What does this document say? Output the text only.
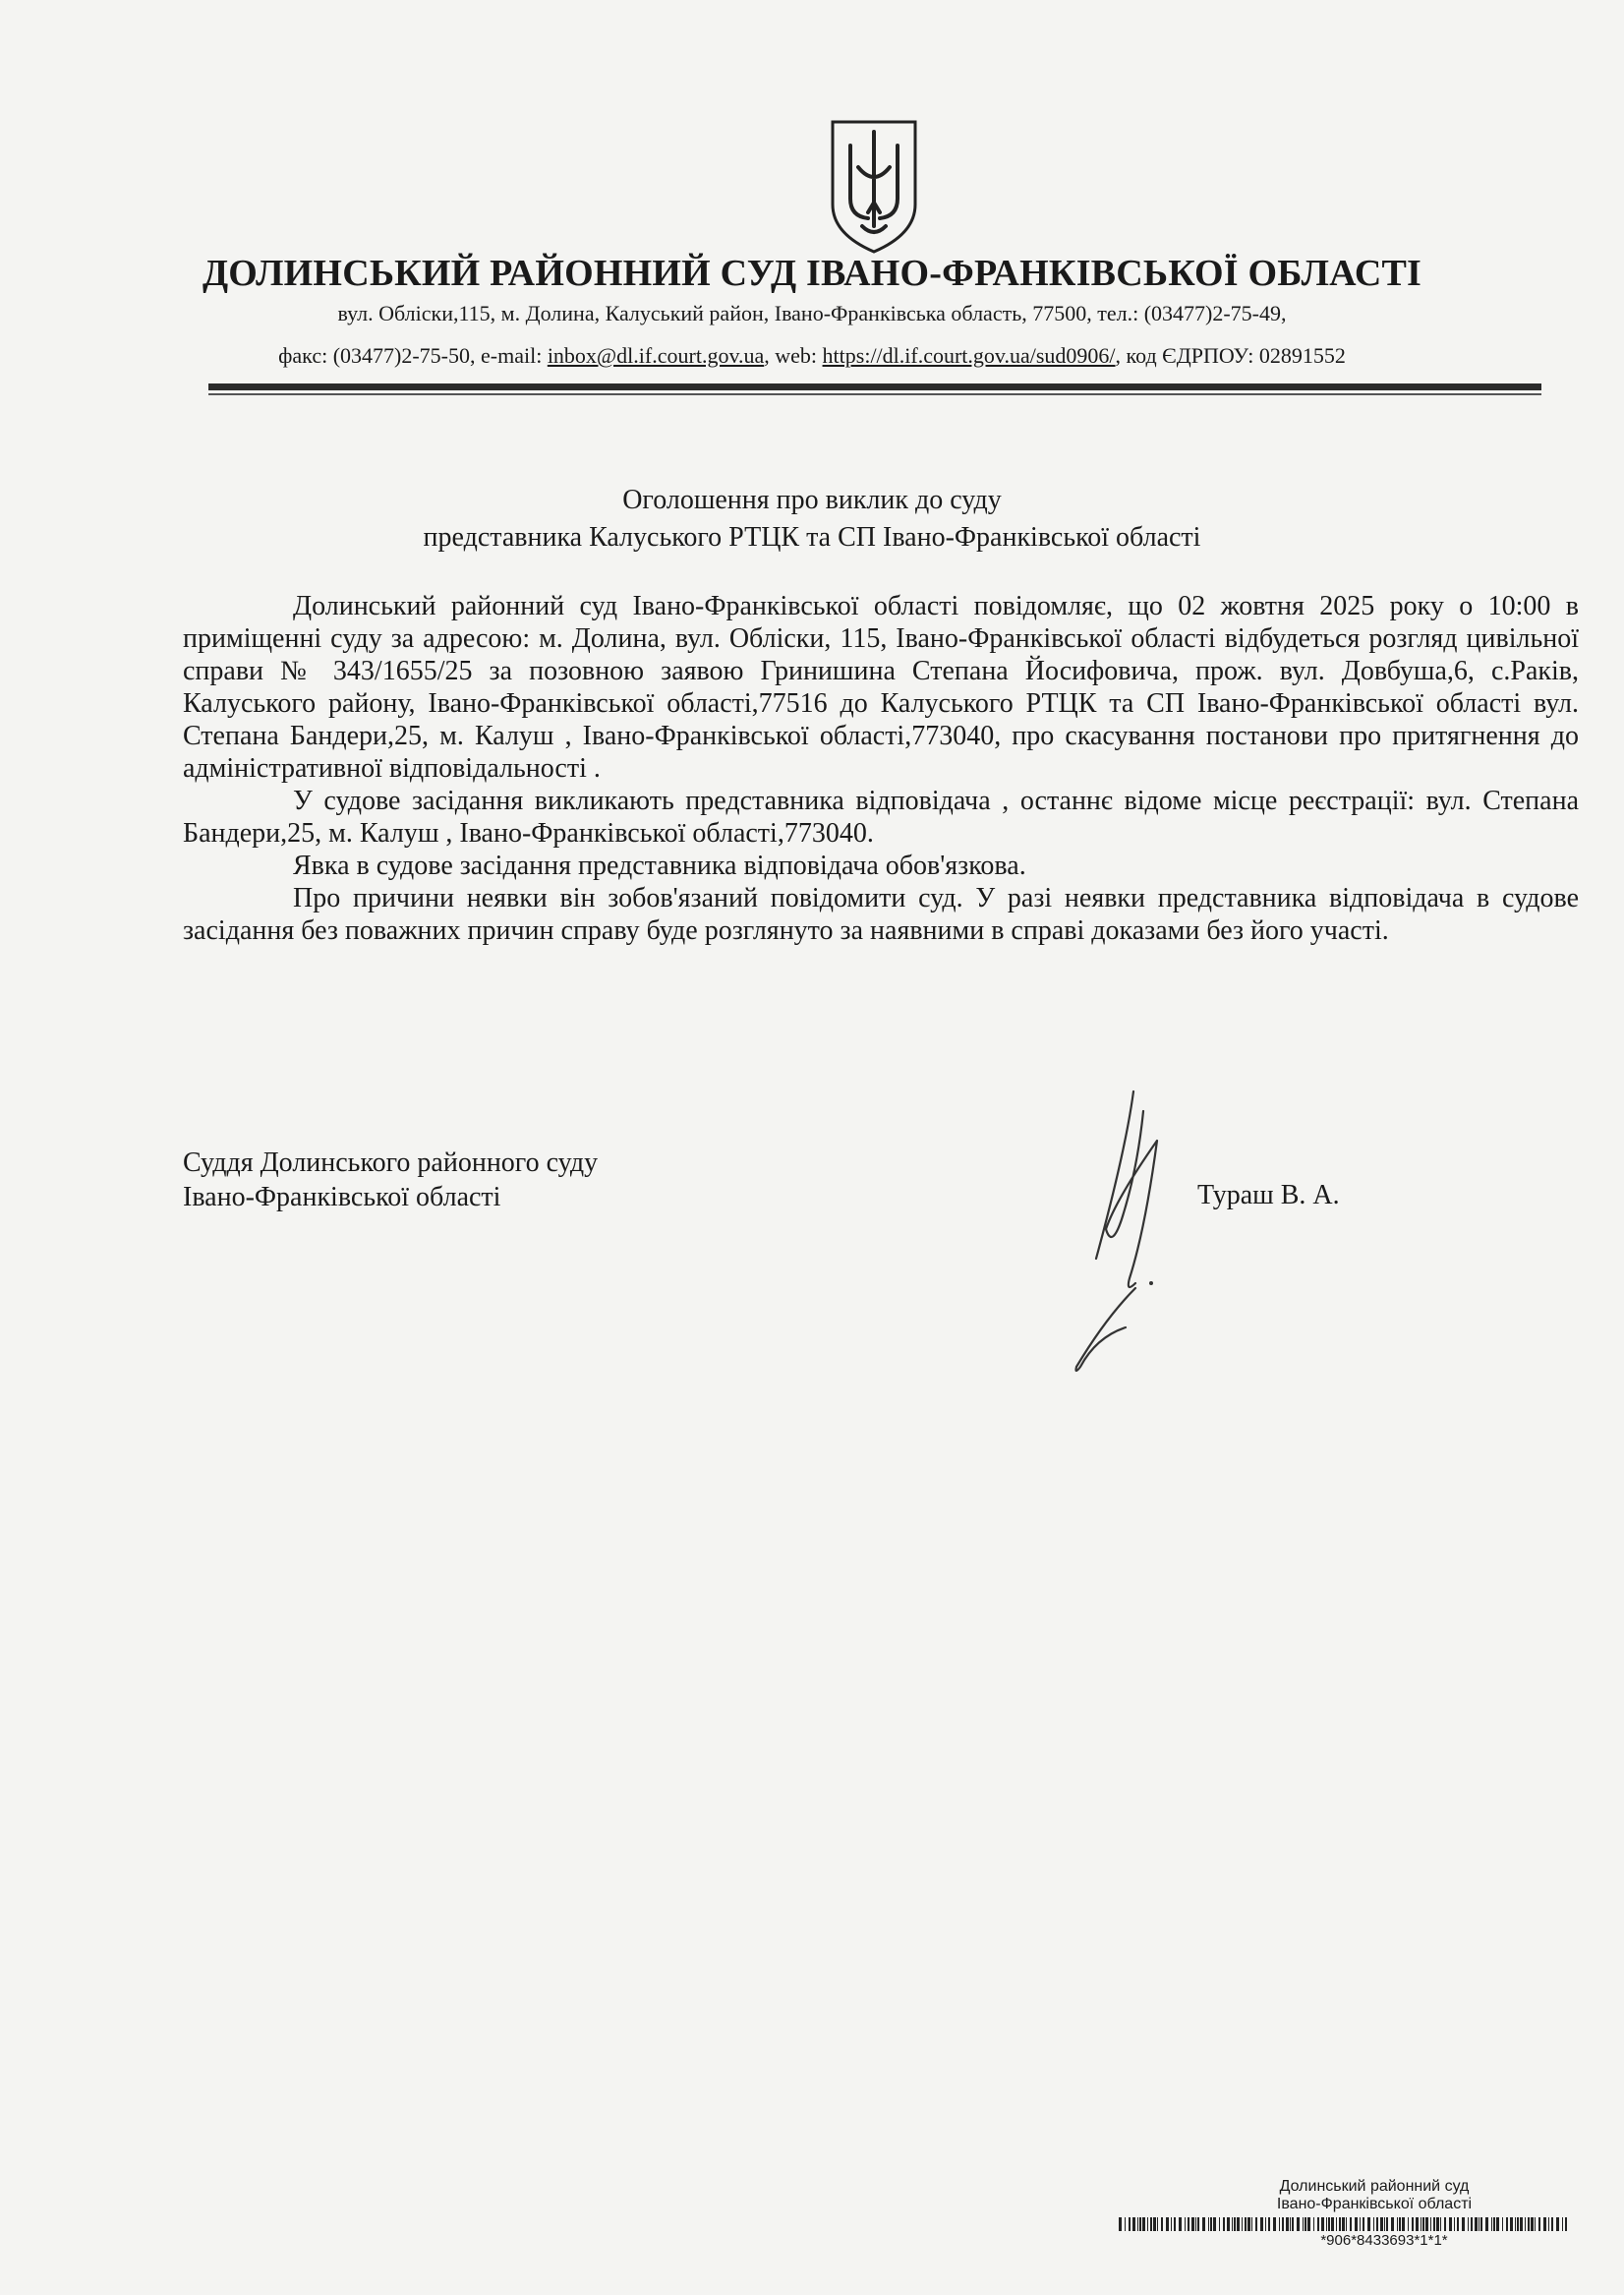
ДОЛИНСЬКИЙ РАЙОННИЙ СУД ІВАНО-ФРАНКІВСЬКОЇ ОБЛАСТІ
вул. Обліски,115, м. Долина, Калуський район, Івано-Франківська область, 77500, тел.: (03477)2-75-49,
факс: (03477)2-75-50, e-mail: inbox@dl.if.court.gov.ua, web: https://dl.if.court.gov.ua/sud0906/, код ЄДРПОУ: 02891552
Оголошення про виклик до суду
представника Калуського РТЦК та СП Івано-Франківської області

Долинський районний суд Івано-Франківської області повідомляє, що 02 жовтня 2025 року о 10:00 в приміщенні суду за адресою: м. Долина, вул. Обліски, 115, Івано-Франківської області відбудеться розгляд цивільної справи № 343/1655/25 за позовною заявою Гринишина Степана Йосифовича, прож. вул. Довбуша,6, с.Раків, Калуського району, Івано-Франківської області,77516 до Калуського РТЦК та СП Івано-Франківської області вул. Степана Бандери,25, м. Калуш , Івано-Франківської області,773040, про скасування постанови про притягнення до адміністративної відповідальності .

У судове засідання викликають представника відповідача , останнє відоме місце реєстрації: вул. Степана Бандери,25, м. Калуш , Івано-Франківської області,773040.

Явка в судове засідання представника відповідача обов'язкова.

Про причини неявки він зобов'язаний повідомити суд. У разі неявки представника відповідача в судове засідання без поважних причин справу буде розглянуто за наявними в справі доказами без його участі.

Суддя Долинського районного суду
Івано-Франківської області	Тураш В. А.
Долинський районний суд
Івано-Франківської області
*906*8433693*1*1*
